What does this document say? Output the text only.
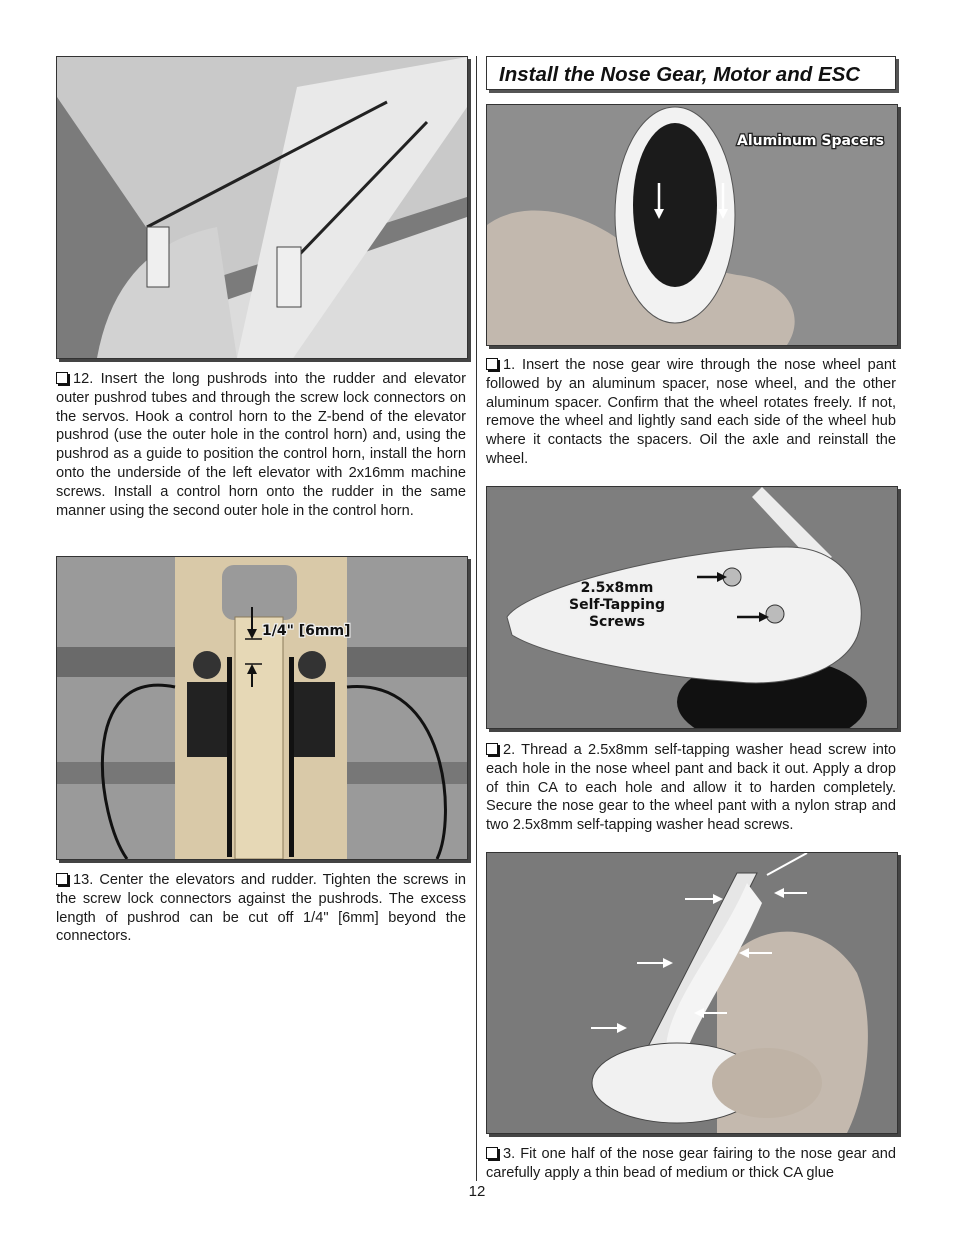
12. Insert the long pushrods into the rudder and elevator outer pushrod tubes and through the screw lock connectors on the servos. Hook a control horn to the Z-bend of the elevator pushrod (use the outer hole in the control horn) and, using the pushrod as a guide to position the control horn, install the horn onto the underside of the left elevator with 2x16mm machine screws. Install a control horn onto the rudder in the same manner using the second outer hole in the control horn.

1/4" [6mm]

13. Center the elevators and rudder. Tighten the screws in the screw lock connectors against the pushrods. The excess length of pushrod can be cut off 1/4" [6mm] beyond the connectors.

Install the Nose Gear, Motor and ESC
Aluminum Spacers

1. Insert the nose gear wire through the nose wheel pant followed by an aluminum spacer, nose wheel, and the other aluminum spacer. Confirm that the wheel rotates freely. If not, remove the wheel and lightly sand each side of the wheel hub where it contacts the spacers. Oil the axle and reinstall the wheel.

2.5x8mm
Self-Tapping
Screws

2. Thread a 2.5x8mm self-tapping washer head screw into each hole in the nose wheel pant and back it out. Apply a drop of thin CA to each hole and allow it to harden completely. Secure the nose gear to the wheel pant with a nylon strap and two 2.5x8mm self-tapping washer head screws.

3. Fit one half of the nose gear fairing to the nose gear and carefully apply a thin bead of medium or thick CA glue

12
